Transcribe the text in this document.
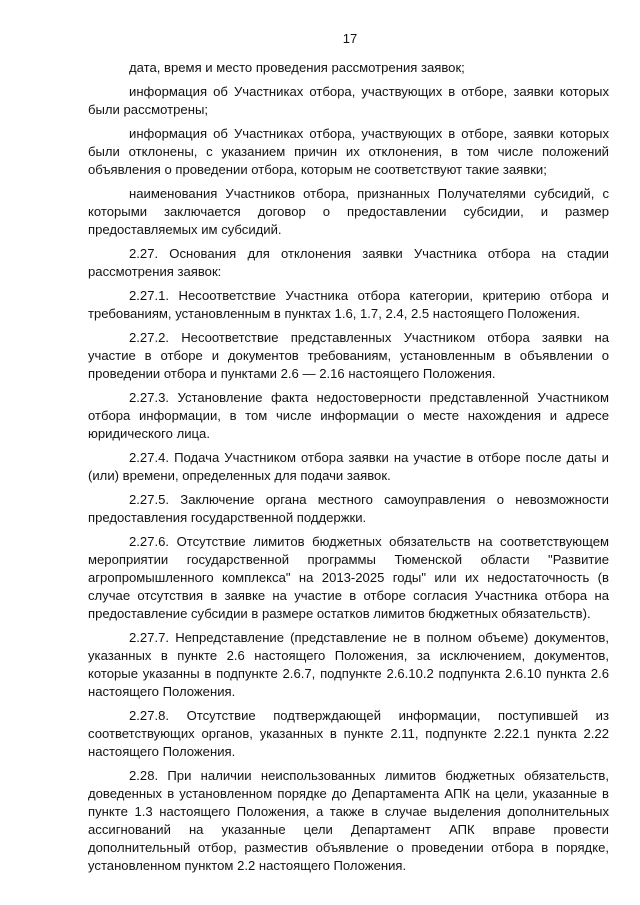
17

дата, время и место проведения рассмотрения заявок;

информация об Участниках отбора, участвующих в отборе, заявки которых были рассмотрены;

информация об Участниках отбора, участвующих в отборе, заявки которых были отклонены, с указанием причин их отклонения, в том числе положений объявления о проведении отбора, которым не соответствуют такие заявки;

наименования Участников отбора, признанных Получателями субсидий, с которыми заключается договор о предоставлении субсидии, и размер предоставляемых им субсидий.

2.27. Основания для отклонения заявки Участника отбора на стадии рассмотрения заявок:

2.27.1. Несоответствие Участника отбора категории, критерию отбора и требованиям, установленным в пунктах 1.6, 1.7, 2.4, 2.5 настоящего Положения.

2.27.2. Несоответствие представленных Участником отбора заявки на участие в отборе и документов требованиям, установленным в объявлении о проведении отбора и пунктами 2.6 — 2.16 настоящего Положения.

2.27.3. Установление факта недостоверности представленной Участником отбора информации, в том числе информации о месте нахождения и адресе юридического лица.

2.27.4. Подача Участником отбора заявки на участие в отборе после даты и (или) времени, определенных для подачи заявок.

2.27.5. Заключение органа местного самоуправления о невозможности предоставления государственной поддержки.

2.27.6. Отсутствие лимитов бюджетных обязательств на соответствующем мероприятии государственной программы Тюменской области "Развитие агропромышленного комплекса" на 2013-2025 годы" или их недостаточность (в случае отсутствия в заявке на участие в отборе согласия Участника отбора на предоставление субсидии в размере остатков лимитов бюджетных обязательств).

2.27.7. Непредставление (представление не в полном объеме) документов, указанных в пункте 2.6 настоящего Положения, за исключением, документов, которые указанны в подпункте 2.6.7, подпункте 2.6.10.2 подпункта 2.6.10 пункта 2.6 настоящего Положения.

2.27.8. Отсутствие подтверждающей информации, поступившей из соответствующих органов, указанных в пункте 2.11, подпункте 2.22.1 пункта 2.22 настоящего Положения.

2.28. При наличии неиспользованных лимитов бюджетных обязательств, доведенных в установленном порядке до Департамента АПК на цели, указанные в пункте 1.3 настоящего Положения, а также в случае выделения дополнительных ассигнований на указанные цели Департамент АПК вправе провести дополнительный отбор, разместив объявление о проведении отбора в порядке, установленном пунктом 2.2 настоящего Положения.
